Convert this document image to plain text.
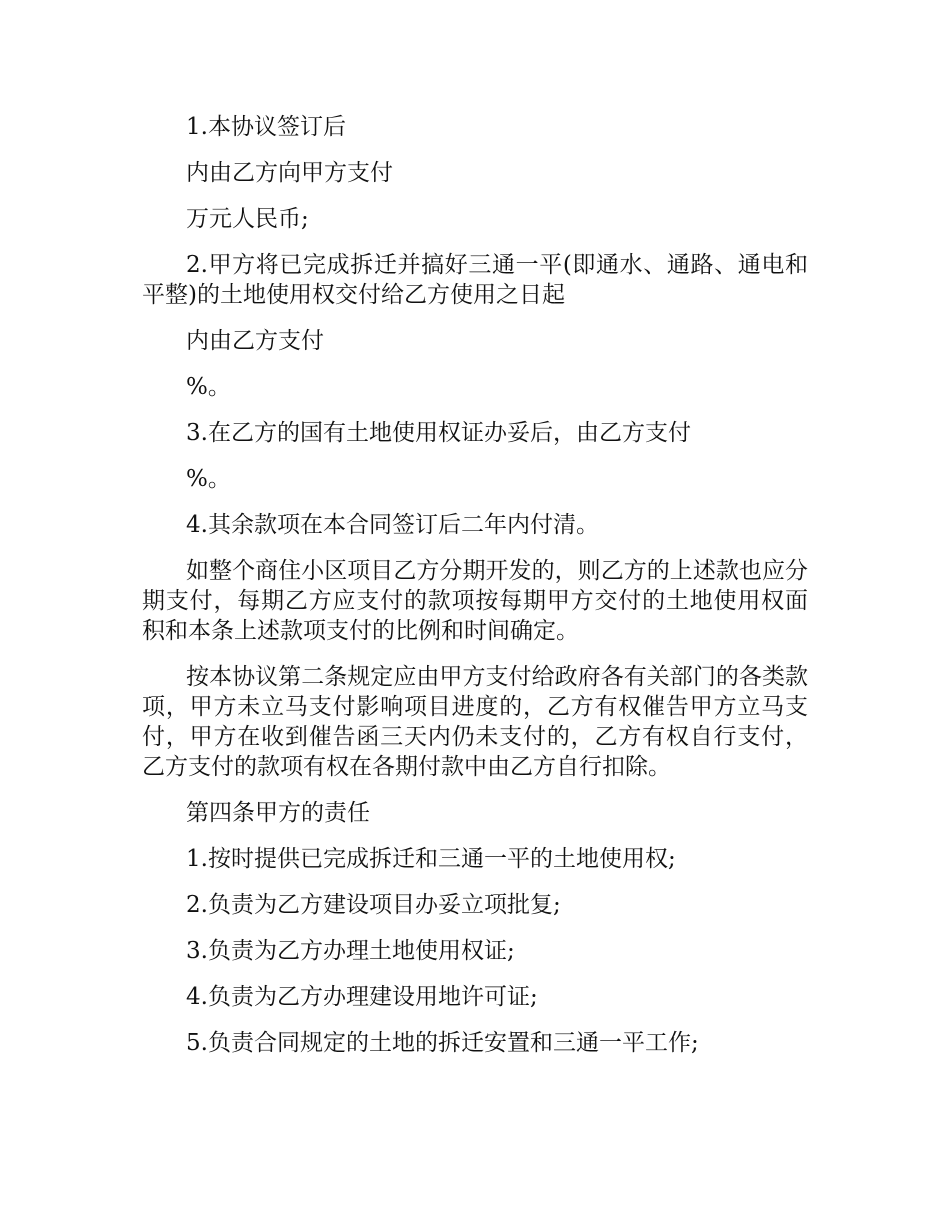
1.本协议签订后

内由乙方向甲方支付

万元人民币;

2.甲方将已完成拆迁并搞好三通一平(即通水、通路、通电和平整)的土地使用权交付给乙方使用之日起

内由乙方支付

%。

3.在乙方的国有土地使用权证办妥后，由乙方支付

%。

4.其余款项在本合同签订后二年内付清。

如整个商住小区项目乙方分期开发的，则乙方的上述款也应分期支付，每期乙方应支付的款项按每期甲方交付的土地使用权面积和本条上述款项支付的比例和时间确定。

按本协议第二条规定应由甲方支付给政府各有关部门的各类款项，甲方未立马支付影响项目进度的，乙方有权催告甲方立马支付，甲方在收到催告函三天内仍未支付的，乙方有权自行支付，乙方支付的款项有权在各期付款中由乙方自行扣除。

第四条甲方的责任

1.按时提供已完成拆迁和三通一平的土地使用权;

2.负责为乙方建设项目办妥立项批复;

3.负责为乙方办理土地使用权证;

4.负责为乙方办理建设用地许可证;

5.负责合同规定的土地的拆迁安置和三通一平工作;
